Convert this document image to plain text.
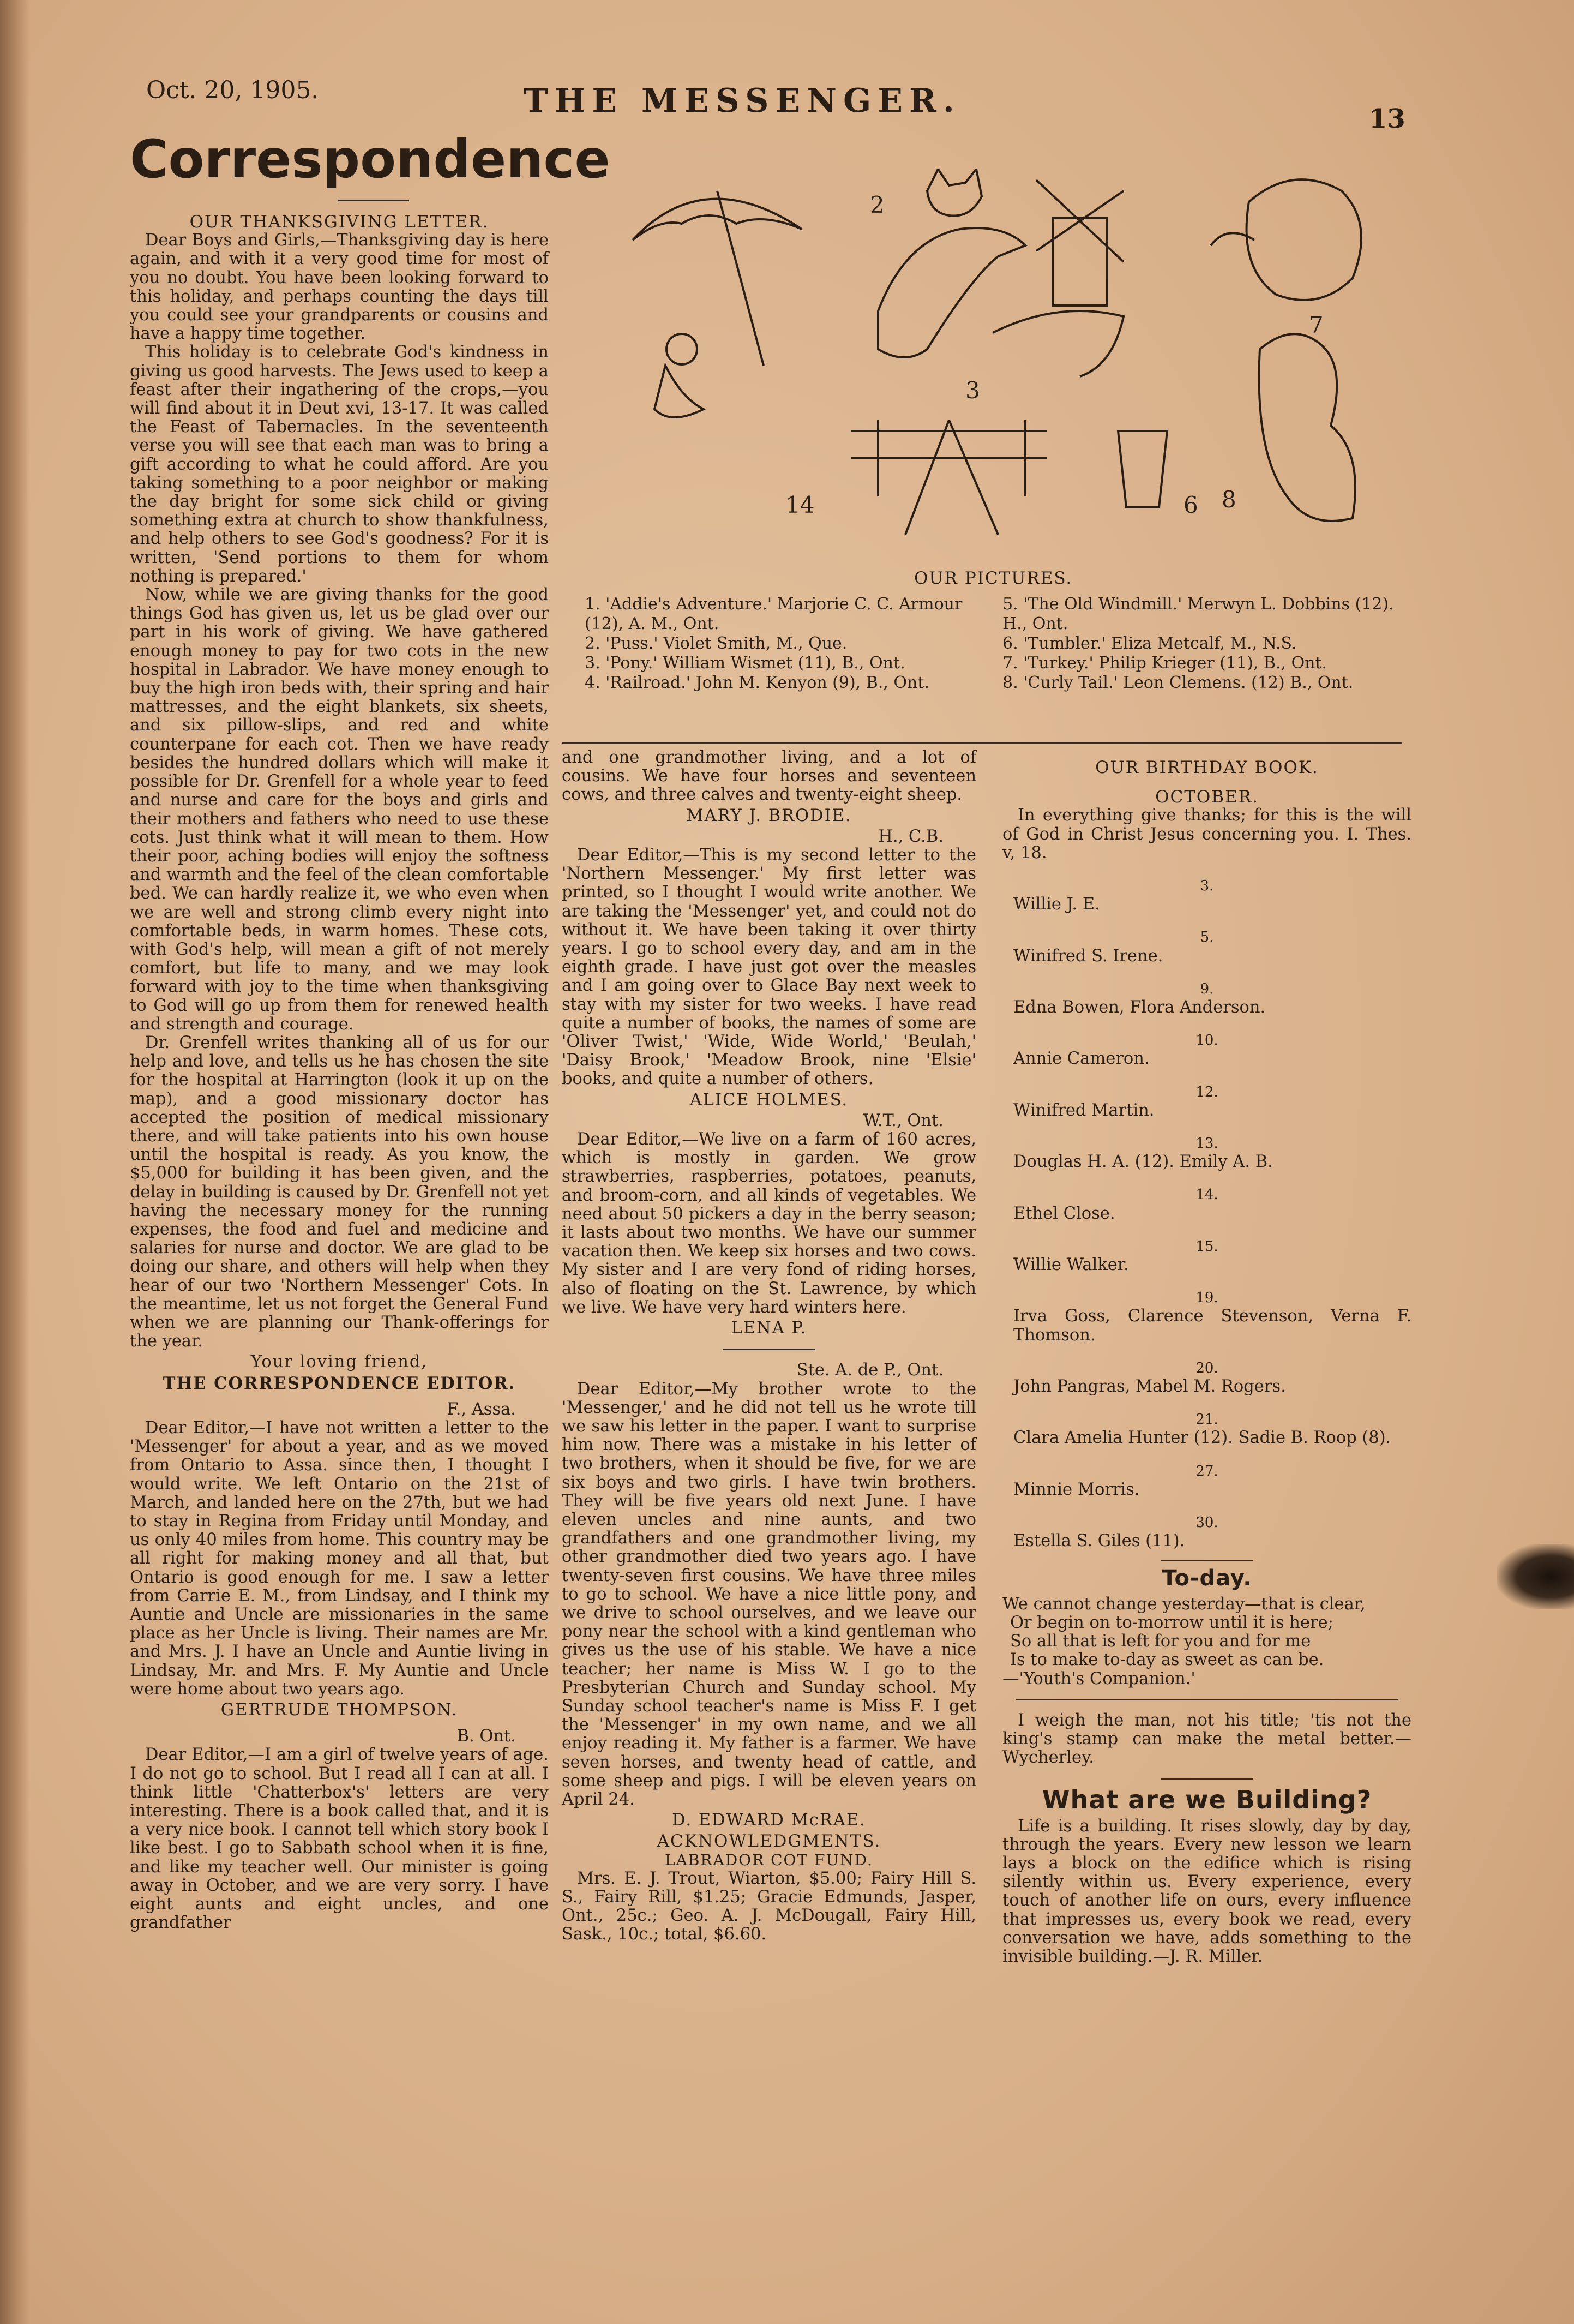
Oct. 20, 1905.	THE MESSENGER.	13
Correspondence

OUR THANKSGIVING LETTER.

Dear Boys and Girls,—Thanksgiving day is here again, and with it a very good time for most of you no doubt. You have been looking forward to this holiday, and perhaps counting the days till you could see your grandparents or cousins and have a happy time together.

This holiday is to celebrate God's kindness in giving us good harvests. The Jews used to keep a feast after their ingathering of the crops,—you will find about it in Deut xvi, 13-17. It was called the Feast of Tabernacles. In the seventeenth verse you will see that each man was to bring a gift according to what he could afford. Are you taking something to a poor neighbor or making the day bright for some sick child or giving something extra at church to show thankfulness, and help others to see God's goodness? For it is written, 'Send portions to them for whom nothing is prepared.'

Now, while we are giving thanks for the good things God has given us, let us be glad over our part in his work of giving. We have gathered enough money to pay for two cots in the new hospital in Labrador. We have money enough to buy the high iron beds with, their spring and hair mattresses, and the eight blankets, six sheets, and six pillow-slips, and red and white counterpane for each cot. Then we have ready besides the hundred dollars which will make it possible for Dr. Grenfell for a whole year to feed and nurse and care for the boys and girls and their mothers and fathers who need to use these cots. Just think what it will mean to them. How their poor, aching bodies will enjoy the softness and warmth and the feel of the clean comfortable bed. We can hardly realize it, we who even when we are well and strong climb every night into comfortable beds, in warm homes. These cots, with God's help, will mean a gift of not merely comfort, but life to many, and we may look forward with joy to the time when thanksgiving to God will go up from them for renewed health and strength and courage.

Dr. Grenfell writes thanking all of us for our help and love, and tells us he has chosen the site for the hospital at Harrington (look it up on the map), and a good missionary doctor has accepted the position of medical missionary there, and will take patients into his own house until the hospital is ready. As you know, the $5,000 for building it has been given, and the delay in building is caused by Dr. Grenfell not yet having the necessary money for the running expenses, the food and fuel and medicine and salaries for nurse and doctor. We are glad to be doing our share, and others will help when they hear of our two 'Northern Messenger' Cots. In the meantime, let us not forget the General Fund when we are planning our Thank-offerings for the year.

Your loving friend,

THE CORRESPONDENCE EDITOR.

F., Assa.

Dear Editor,—I have not written a letter to the 'Messenger' for about a year, and as we moved from Ontario to Assa. since then, I thought I would write. We left Ontario on the 21st of March, and landed here on the 27th, but we had to stay in Regina from Friday until Monday, and us only 40 miles from home. This country may be all right for making money and all that, but Ontario is good enough for me. I saw a letter from Carrie E. M., from Lindsay, and I think my Auntie and Uncle are missionaries in the same place as her Uncle is living. Their names are Mr. and Mrs. J. I have an Uncle and Auntie living in Lindsay, Mr. and Mrs. F. My Auntie and Uncle were home about two years ago.

GERTRUDE THOMPSON.

B. Ont.

Dear Editor,—I am a girl of twelve years of age. I do not go to school. But I read all I can at all. I think little 'Chatterbox's' letters are very interesting. There is a book called that, and it is a very nice book. I cannot tell which story book I like best. I go to Sabbath school when it is fine, and like my teacher well. Our minister is going away in October, and we are very sorry. I have eight aunts and eight uncles, and one grandfather

2
3
14	6 8
7
OUR PICTURES.
1. 'Addie's Adventure.' Marjorie C. C. Armour (12), A. M., Ont.
2. 'Puss.' Violet Smith, M., Que.
3. 'Pony.' William Wismet (11), B., Ont.
4. 'Railroad.' John M. Kenyon (9), B., Ont.
5. 'The Old Windmill.' Merwyn L. Dobbins (12). H., Ont.
6. 'Tumbler.' Eliza Metcalf, M., N.S.
7. 'Turkey.' Philip Krieger (11), B., Ont.
8. 'Curly Tail.' Leon Clemens. (12) B., Ont.

and one grandmother living, and a lot of cousins. We have four horses and seventeen cows, and three calves and twenty-eight sheep.

MARY J. BRODIE.

H., C.B.

Dear Editor,—This is my second letter to the 'Northern Messenger.' My first letter was printed, so I thought I would write another. We are taking the 'Messenger' yet, and could not do without it. We have been taking it over thirty years. I go to school every day, and am in the eighth grade. I have just got over the measles and I am going over to Glace Bay next week to stay with my sister for two weeks. I have read quite a number of books, the names of some are 'Oliver Twist,' 'Wide, Wide World,' 'Beulah,' 'Daisy Brook,' 'Meadow Brook, nine 'Elsie' books, and quite a number of others.

ALICE HOLMES.

W.T., Ont.

Dear Editor,—We live on a farm of 160 acres, which is mostly in garden. We grow strawberries, raspberries, potatoes, peanuts, and broom-corn, and all kinds of vegetables. We need about 50 pickers a day in the berry season; it lasts about two months. We have our summer vacation then. We keep six horses and two cows. My sister and I are very fond of riding horses, also of floating on the St. Lawrence, by which we live. We have very hard winters here.

LENA P.

Ste. A. de P., Ont.

Dear Editor,—My brother wrote to the 'Messenger,' and he did not tell us he wrote till we saw his letter in the paper. I want to surprise him now. There was a mistake in his letter of two brothers, when it should be five, for we are six boys and two girls. I have twin brothers. They will be five years old next June. I have eleven uncles and nine aunts, and two grandfathers and one grandmother living, my other grandmother died two years ago. I have twenty-seven first cousins. We have three miles to go to school. We have a nice little pony, and we drive to school ourselves, and we leave our pony near the school with a kind gentleman who gives us the use of his stable. We have a nice teacher; her name is Miss W. I go to the Presbyterian Church and Sunday school. My Sunday school teacher's name is Miss F. I get the 'Messenger' in my own name, and we all enjoy reading it. My father is a farmer. We have seven horses, and twenty head of cattle, and some sheep and pigs. I will be eleven years on April 24.

D. EDWARD McRAE.

ACKNOWLEDGMENTS.

LABRADOR COT FUND.

Mrs. E. J. Trout, Wiarton, $5.00; Fairy Hill S. S., Fairy Rill, $1.25; Gracie Edmunds, Jasper, Ont., 25c.; Geo. A. J. McDougall, Fairy Hill, Sask., 10c.; total, $6.60.

OUR BIRTHDAY BOOK.

OCTOBER.

In everything give thanks; for this is the will of God in Christ Jesus concerning you. I. Thes. v, 18.

3.

Willie J. E.

5.

Winifred S. Irene.

9.

Edna Bowen, Flora Anderson.

10.

Annie Cameron.

12.

Winifred Martin.

13.

Douglas H. A. (12). Emily A. B.

14.

Ethel Close.

15.

Willie Walker.

19.

Irva Goss, Clarence Stevenson, Verna F. Thomson.

20.

John Pangras, Mabel M. Rogers.

21.

Clara Amelia Hunter (12). Sadie B. Roop (8).

27.

Minnie Morris.

30.

Estella S. Giles (11).

To-day.

We cannot change yesterday—that is clear,

Or begin on to-morrow until it is here;

So all that is left for you and for me

Is to make to-day as sweet as can be.

—'Youth's Companion.'

I weigh the man, not his title; 'tis not the king's stamp can make the metal better.—Wycherley.

What are we Building?

Life is a building. It rises slowly, day by day, through the years. Every new lesson we learn lays a block on the edifice which is rising silently within us. Every experience, every touch of another life on ours, every influence that impresses us, every book we read, every conversation we have, adds something to the invisible building.—J. R. Miller.
